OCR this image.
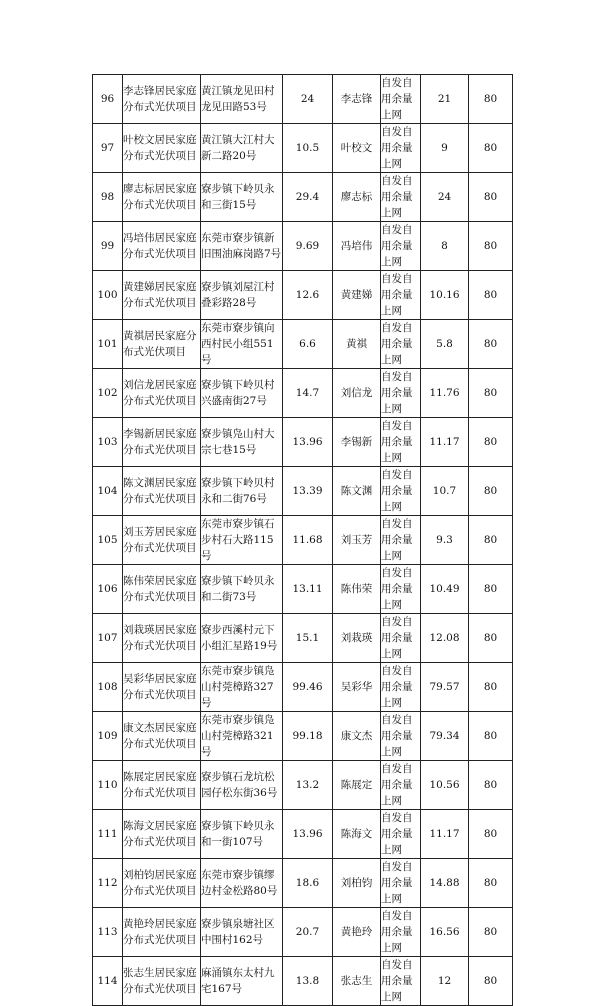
96	李志锋居民家庭分布式光伏项目	黄江镇龙见田村龙见田路53号	24	李志锋	自发自用余量上网	21	80

97	叶校文居民家庭分布式光伏项目	黄江镇大江村大新二路20号	10.5	叶校文	自发自用余量上网	9	80

98	廖志标居民家庭分布式光伏项目	寮步镇下岭贝永和三街15号	29.4	廖志标	自发自用余量上网	24	80

99	冯培伟居民家庭分布式光伏项目	东莞市寮步镇新旧围油麻岗路7号	9.69	冯培伟	自发自用余量上网	8	80

100	黄建娣居民家庭分布式光伏项目	寮步镇刘屋江村叠彩路28号	12.6	黄建娣	自发自用余量上网	10.16	80

101	黄祺居民家庭分布式光伏项目	东莞市寮步镇向西村民小组551号	6.6	黄祺	自发自用余量上网	5.8	80

102	刘信龙居民家庭分布式光伏项目	寮步镇下岭贝村兴盛南街27号	14.7	刘信龙	自发自用余量上网	11.76	80

103	李锡新居民家庭分布式光伏项目	寮步镇凫山村大宗七巷15号	13.96	李锡新	自发自用余量上网	11.17	80

104	陈文渊居民家庭分布式光伏项目	寮步镇下岭贝村永和二街76号	13.39	陈文渊	自发自用余量上网	10.7	80

105	刘玉芳居民家庭分布式光伏项目	东莞市寮步镇石步村石大路115号	11.68	刘玉芳	自发自用余量上网	9.3	80

106	陈伟荣居民家庭分布式光伏项目	寮步镇下岭贝永和二街73号	13.11	陈伟荣	自发自用余量上网	10.49	80

107	刘栽瑛居民家庭分布式光伏项目	寮步西溪村元下小组汇星路19号	15.1	刘栽瑛	自发自用余量上网	12.08	80

108	吴彩华居民家庭分布式光伏项目	东莞市寮步镇凫山村莞樟路327号	99.46	吴彩华	自发自用余量上网	79.57	80

109	康文杰居民家庭分布式光伏项目	东莞市寮步镇凫山村莞樟路321号	99.18	康文杰	自发自用余量上网	79.34	80

110	陈展定居民家庭分布式光伏项目	寮步镇石龙坑松园仔松东街36号	13.2	陈展定	自发自用余量上网	10.56	80

111	陈海文居民家庭分布式光伏项目	寮步镇下岭贝永和一街107号	13.96	陈海文	自发自用余量上网	11.17	80

112	刘柏钧居民家庭分布式光伏项目	东莞市寮步镇缪边村金松路80号	18.6	刘柏钧	自发自用余量上网	14.88	80

113	黄艳玲居民家庭分布式光伏项目	寮步镇泉塘社区中围村162号	20.7	黄艳玲	自发自用余量上网	16.56	80

114	张志生居民家庭分布式光伏项目	麻涌镇东太村九宅167号	13.8	张志生	自发自用余量上网	12	80
